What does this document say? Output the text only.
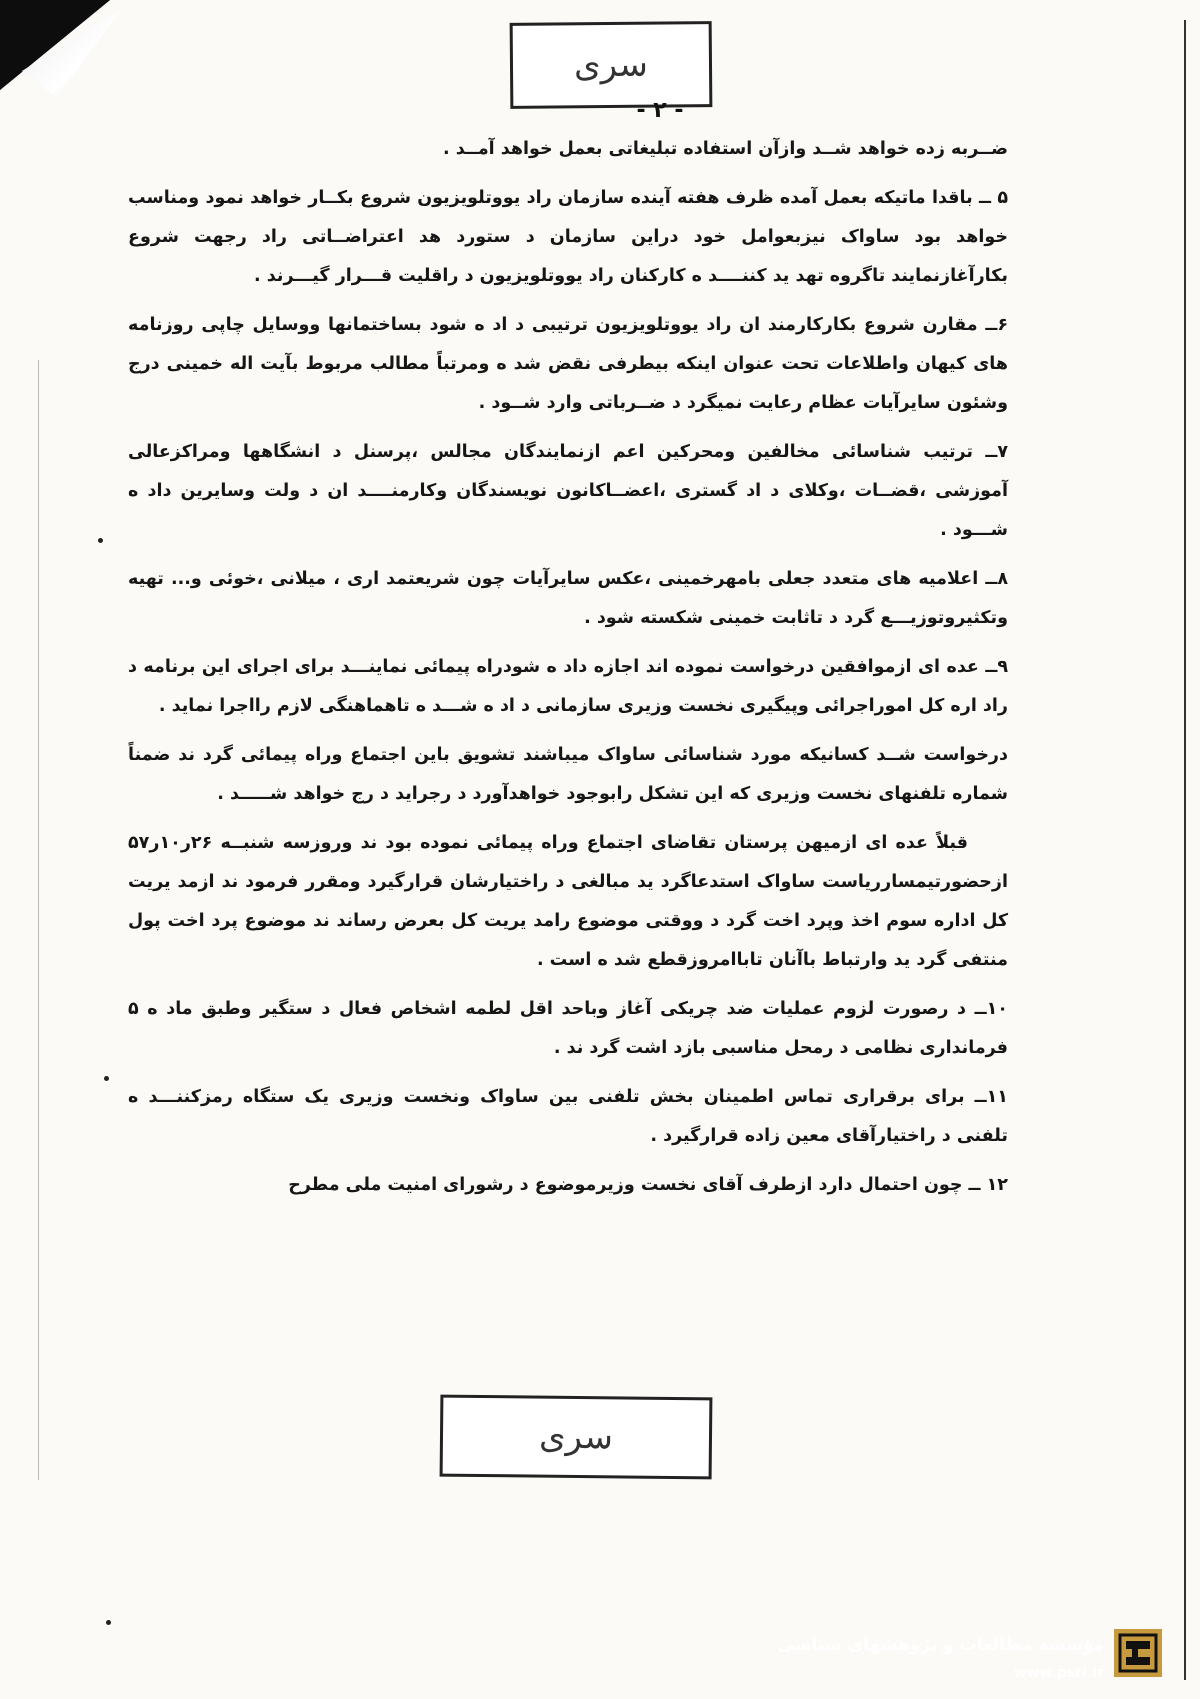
سری
- ۲ -

ضــربه زده خواهد شــد وازآن استفاده تبلیغاتی بعمل خواهد آمــد .

۵ ــ باقدا ماتیکه بعمل آمده ظرف هفته آینده سازمان راد یووتلویزیون شروع بکــار خواهد نمود ومناسب خواهد بود ساواک نیزبعوامل خود دراین سازمان د ستورد هد اعتراضــاتی راد رجهت شروع بکارآغازنمایند تاگروه تهد ید کننــــد ه کارکنان راد یووتلویزیون د راقلیت قـــرار گیـــرند .

۶ــ مقارن شروع بکارکارمند ان راد یووتلویزیون ترتیبی د اد ه شود بساختمانها ووسایل چاپی روزنامه های کیهان واطلاعات تحت عنوان اینکه بیطرفی نقض شد ه ومرتباً مطالب مربوط بآیت اله خمینی درج وشئون سایرآیات عظام رعایت نمیگرد د ضــرباتی وارد شــود .

۷ــ ترتیب شناسائی مخالفین ومحرکین اعم ازنمایندگان مجالس ،پرسنل د انشگاهها ومراکزعالی آموزشی ،قضــات ،وکلای د اد گستری ،اعضــاکانون نویسندگان وکارمنــــد ان د ولت وسایرین داد ه شـــود .

۸ــ اعلامیه های متعدد جعلی بامهرخمینی ،عکس سایرآیات چون شریعتمد اری ، میلانی ،خوئی و... تهیه وتکثیروتوزیـــع گرد د تاثابت خمینی شکسته شود .

۹ــ عده ای ازموافقین درخواست نموده اند اجازه داد ه شودراه پیمائی نماینـــد برای اجرای این برنامه د راد اره کل اموراجرائی وپیگیری نخست وزیری سازمانی د اد ه شـــد ه تاهماهنگی لازم رااجرا نماید .

درخواست شــد کسانیکه مورد شناسائی ساواک میباشند تشویق باین اجتماع وراه پیمائی گرد ند ضمناً شماره تلفنهای نخست وزیری که این تشکل رابوجود خواهدآورد د رجراید د رج خواهد شـــــد .

قبلاً عده ای ازمیهن پرستان تقاضای اجتماع وراه پیمائی نموده بود ند وروزسه شنبــه ۲۶ر۱۰ر۵۷ ازحضورتیمسارریاست ساواک استدعاگرد ید مبالغی د راختیارشان قرارگیرد ومقرر فرمود ند ازمد یریت کل اداره سوم اخذ وپرد اخت گرد د ووقتی موضوع رامد یریت کل بعرض رساند ند موضوع پرد اخت پول منتفی گرد ید وارتباط باآنان تاباامروزقطع شد ه است .

۱۰ــ د رصورت لزوم عملیات ضد چریکی آغاز وباحد اقل لطمه اشخاص فعال د ستگیر وطبق ماد ه ۵ فرمانداری نظامی د رمحل مناسبی بازد اشت گرد ند .

۱۱ــ برای برقراری تماس اطمینان بخش تلفنی بین ساواک ونخست وزیری یک ستگاه رمزکننـــد ه تلفنی د راختیارآقای معین زاده قرارگیرد .

۱۲ ــ چون احتمال دارد ازطرف آقای نخست وزیرموضوع د رشورای امنیت ملی مطرح

سری
مؤسسه مطالعات و پژوهشهای سیاسی
www.psri.ir
